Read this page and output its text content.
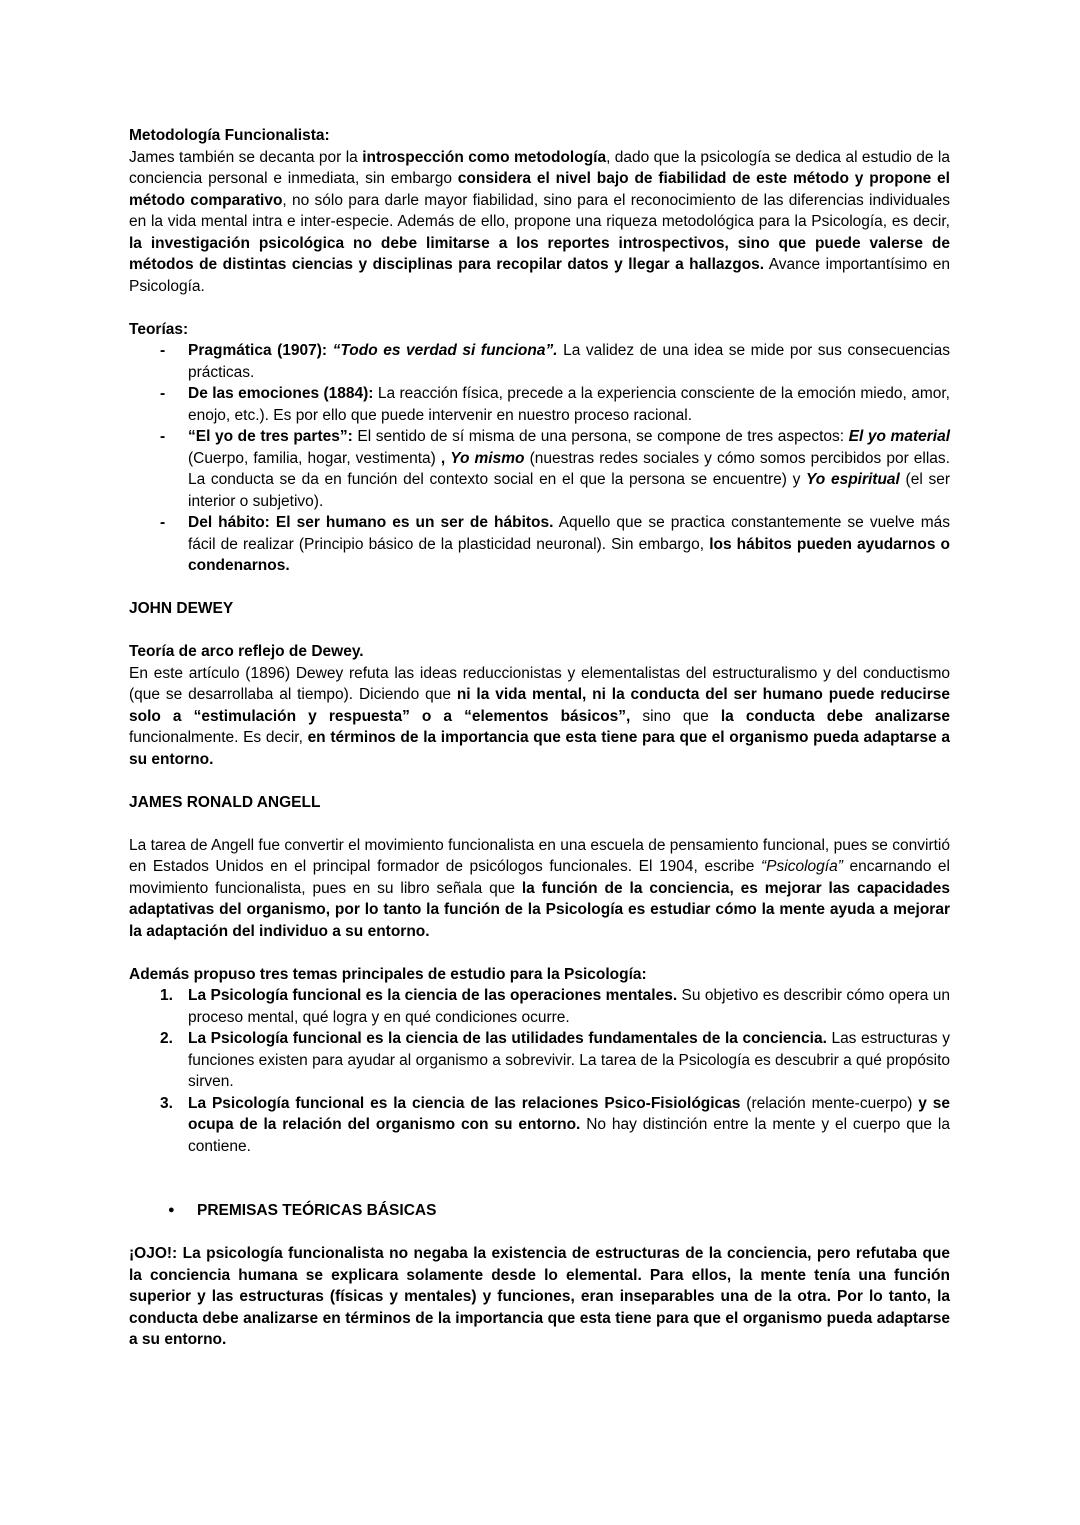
Metodología Funcionalista:

James también se decanta por la introspección como metodología, dado que la psicología se dedica al estudio de la conciencia personal e inmediata, sin embargo considera el nivel bajo de fiabilidad de este método y propone el método comparativo, no sólo para darle mayor fiabilidad, sino para el reconocimiento de las diferencias individuales en la vida mental intra e inter-especie. Además de ello, propone una riqueza metodológica para la Psicología, es decir, la investigación psicológica no debe limitarse a los reportes introspectivos, sino que puede valerse de métodos de distintas ciencias y disciplinas para recopilar datos y llegar a hallazgos. Avance importantísimo en Psicología.

Teorías:
-	Pragmática (1907): “Todo es verdad si funciona”. La validez de una idea se mide por sus consecuencias prácticas.
-	De las emociones (1884): La reacción física, precede a la experiencia consciente de la emoción miedo, amor, enojo, etc.). Es por ello que puede intervenir en nuestro proceso racional.
-	“El yo de tres partes”: El sentido de sí misma de una persona, se compone de tres aspectos: El yo material (Cuerpo, familia, hogar, vestimenta) , Yo mismo (nuestras redes sociales y cómo somos percibidos por ellas. La conducta se da en función del contexto social en el que la persona se encuentre) y Yo espiritual (el ser interior o subjetivo).
-	Del hábito: El ser humano es un ser de hábitos. Aquello que se practica constantemente se vuelve más fácil de realizar (Principio básico de la plasticidad neuronal). Sin embargo, los hábitos pueden ayudarnos o condenarnos.
JOHN DEWEY
Teoría de arco reflejo de Dewey.

En este artículo (1896) Dewey refuta las ideas reduccionistas y elementalistas del estructuralismo y del conductismo (que se desarrollaba al tiempo). Diciendo que ni la vida mental, ni la conducta del ser humano puede reducirse solo a “estimulación y respuesta” o a “elementos básicos”, sino que la conducta debe analizarse funcionalmente. Es decir, en términos de la importancia que esta tiene para que el organismo pueda adaptarse a su entorno.

JAMES RONALD ANGELL

La tarea de Angell fue convertir el movimiento funcionalista en una escuela de pensamiento funcional, pues se convirtió en Estados Unidos en el principal formador de psicólogos funcionales. El 1904, escribe “Psicología” encarnando el movimiento funcionalista, pues en su libro señala que la función de la conciencia, es mejorar las capacidades adaptativas del organismo, por lo tanto la función de la Psicología es estudiar cómo la mente ayuda a mejorar la adaptación del individuo a su entorno.

Además propuso tres temas principales de estudio para la Psicología:
1. La Psicología funcional es la ciencia de las operaciones mentales. Su objetivo es describir cómo opera un proceso mental, qué logra y en qué condiciones ocurre.
2. La Psicología funcional es la ciencia de las utilidades fundamentales de la conciencia. Las estructuras y funciones existen para ayudar al organismo a sobrevivir. La tarea de la Psicología es descubrir a qué propósito sirven.
3. La Psicología funcional es la ciencia de las relaciones Psico-Fisiológicas (relación mente-cuerpo) y se ocupa de la relación del organismo con su entorno. No hay distinción entre la mente y el cuerpo que la contiene.
●	PREMISAS TEÓRICAS BÁSICAS

¡OJO!: La psicología funcionalista no negaba la existencia de estructuras de la conciencia, pero refutaba que la conciencia humana se explicara solamente desde lo elemental. Para ellos, la mente tenía una función superior y las estructuras (físicas y mentales) y funciones, eran inseparables una de la otra. Por lo tanto, la conducta debe analizarse en términos de la importancia que esta tiene para que el organismo pueda adaptarse a su entorno.
